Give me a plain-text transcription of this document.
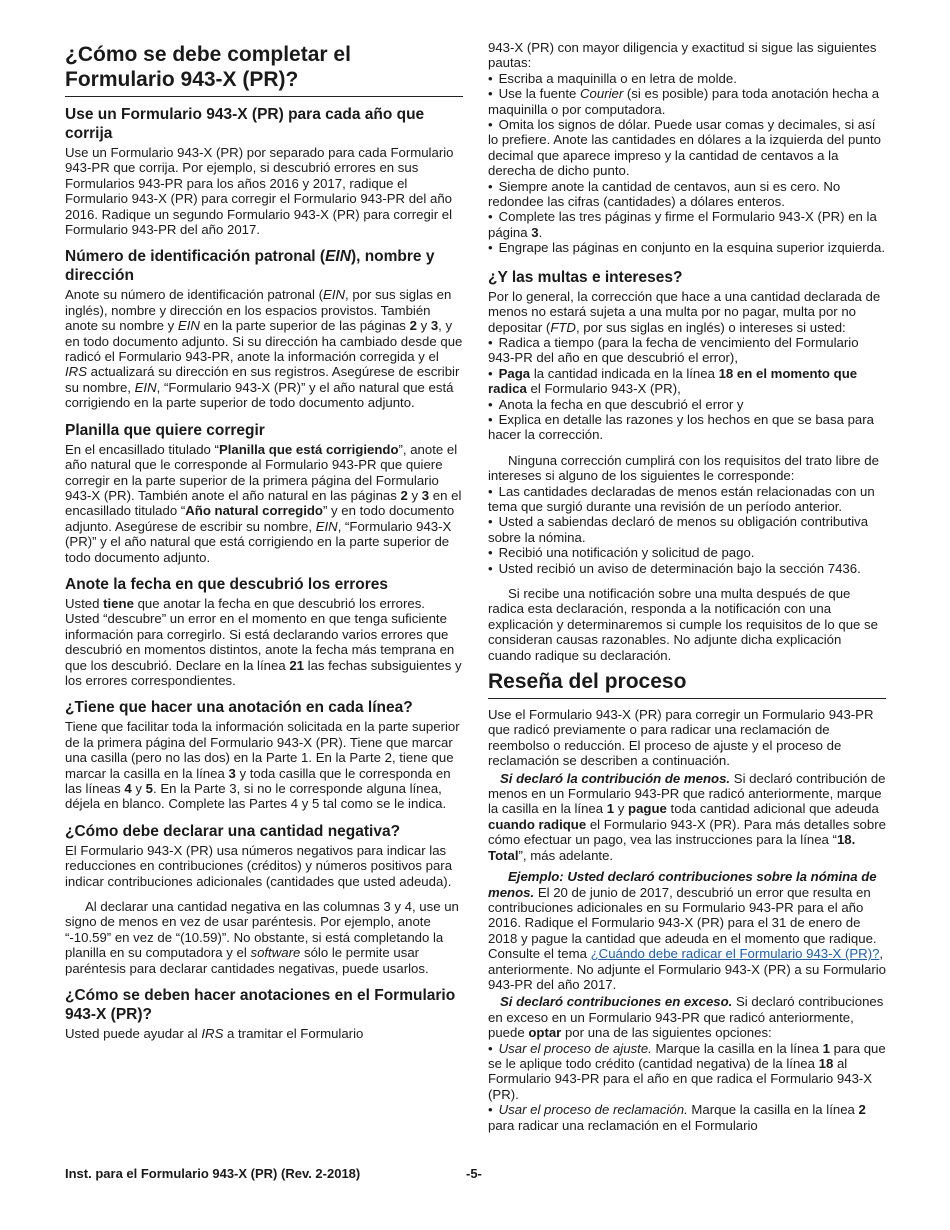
¿Cómo se debe completar el Formulario 943-X (PR)?
Use un Formulario 943-X (PR) para cada año que corrija

Use un Formulario 943-X (PR) por separado para cada Formulario 943-PR que corrija. Por ejemplo, si descubrió errores en sus Formularios 943-PR para los años 2016 y 2017, radique el Formulario 943-X (PR) para corregir el Formulario 943-PR del año 2016. Radique un segundo Formulario 943-X (PR) para corregir el Formulario 943-PR del año 2017.

Número de identificación patronal (EIN), nombre y dirección

Anote su número de identificación patronal (EIN, por sus siglas en inglés), nombre y dirección en los espacios provistos. También anote su nombre y EIN en la parte superior de las páginas 2 y 3, y en todo documento adjunto. Si su dirección ha cambiado desde que radicó el Formulario 943-PR, anote la información corregida y el IRS actualizará su dirección en sus registros. Asegúrese de escribir su nombre, EIN, “Formulario 943-X (PR)” y el año natural que está corrigiendo en la parte superior de todo documento adjunto.

Planilla que quiere corregir

En el encasillado titulado “Planilla que está corrigiendo”, anote el año natural que le corresponde al Formulario 943-PR que quiere corregir en la parte superior de la primera página del Formulario 943-X (PR). También anote el año natural en las páginas 2 y 3 en el encasillado titulado “Año natural corregido” y en todo documento adjunto. Asegúrese de escribir su nombre, EIN, “Formulario 943-X (PR)” y el año natural que está corrigiendo en la parte superior de todo documento adjunto.

Anote la fecha en que descubrió los errores

Usted tiene que anotar la fecha en que descubrió los errores. Usted “descubre” un error en el momento en que tenga suficiente información para corregirlo. Si está declarando varios errores que descubrió en momentos distintos, anote la fecha más temprana en que los descubrió. Declare en la línea 21 las fechas subsiguientes y los errores correspondientes.

¿Tiene que hacer una anotación en cada línea?

Tiene que facilitar toda la información solicitada en la parte superior de la primera página del Formulario 943-X (PR). Tiene que marcar una casilla (pero no las dos) en la Parte 1. En la Parte 2, tiene que marcar la casilla en la línea 3 y toda casilla que le corresponda en las líneas 4 y 5. En la Parte 3, si no le corresponde alguna línea, déjela en blanco. Complete las Partes 4 y 5 tal como se le indica.

¿Cómo debe declarar una cantidad negativa?

El Formulario 943-X (PR) usa números negativos para indicar las reducciones en contribuciones (créditos) y números positivos para indicar contribuciones adicionales (cantidades que usted adeuda).

Al declarar una cantidad negativa en las columnas 3 y 4, use un signo de menos en vez de usar paréntesis. Por ejemplo, anote “-10.59” en vez de “(10.59)”. No obstante, si está completando la planilla en su computadora y el software sólo le permite usar paréntesis para declarar cantidades negativas, puede usarlos.

¿Cómo se deben hacer anotaciones en el Formulario 943-X (PR)?

Usted puede ayudar al IRS a tramitar el Formulario

943-X (PR) con mayor diligencia y exactitud si sigue las siguientes pautas:

• Escriba a maquinilla o en letra de molde.
• Use la fuente Courier (si es posible) para toda anotación hecha a maquinilla o por computadora.
• Omita los signos de dólar. Puede usar comas y decimales, si así lo prefiere. Anote las cantidades en dólares a la izquierda del punto decimal que aparece impreso y la cantidad de centavos a la derecha de dicho punto.
• Siempre anote la cantidad de centavos, aun si es cero. No redondee las cifras (cantidades) a dólares enteros.
• Complete las tres páginas y firme el Formulario 943-X (PR) en la página 3.
• Engrape las páginas en conjunto en la esquina superior izquierda.
¿Y las multas e intereses?

Por lo general, la corrección que hace a una cantidad declarada de menos no estará sujeta a una multa por no pagar, multa por no depositar (FTD, por sus siglas en inglés) o intereses si usted:

• Radica a tiempo (para la fecha de vencimiento del Formulario 943-PR del año en que descubrió el error),
• Paga la cantidad indicada en la línea 18 en el momento que radica el Formulario 943-X (PR),
• Anota la fecha en que descubrió el error y
• Explica en detalle las razones y los hechos en que se basa para hacer la corrección.

Ninguna corrección cumplirá con los requisitos del trato libre de intereses si alguno de los siguientes le corresponde:

• Las cantidades declaradas de menos están relacionadas con un tema que surgió durante una revisión de un período anterior.
• Usted a sabiendas declaró de menos su obligación contributiva sobre la nómina.
• Recibió una notificación y solicitud de pago.
• Usted recibió un aviso de determinación bajo la sección 7436.

Si recibe una notificación sobre una multa después de que radica esta declaración, responda a la notificación con una explicación y determinaremos si cumple los requisitos de lo que se consideran causas razonables. No adjunte dicha explicación cuando radique su declaración.

Reseña del proceso

Use el Formulario 943-X (PR) para corregir un Formulario 943-PR que radicó previamente o para radicar una reclamación de reembolso o reducción. El proceso de ajuste y el proceso de reclamación se describen a continuación.

Si declaró la contribución de menos. Si declaró contribución de menos en un Formulario 943-PR que radicó anteriormente, marque la casilla en la línea 1 y pague toda cantidad adicional que adeuda cuando radique el Formulario 943-X (PR). Para más detalles sobre cómo efectuar un pago, vea las instrucciones para la línea “18. Total”, más adelante.

Ejemplo: Usted declaró contribuciones sobre la nómina de menos. El 20 de junio de 2017, descubrió un error que resulta en contribuciones adicionales en su Formulario 943-PR para el año 2016. Radique el Formulario 943-X (PR) para el 31 de enero de 2018 y pague la cantidad que adeuda en el momento que radique. Consulte el tema ¿Cuándo debe radicar el Formulario 943-X (PR)?, anteriormente. No adjunte el Formulario 943-X (PR) a su Formulario 943-PR del año 2017.

Si declaró contribuciones en exceso. Si declaró contribuciones en exceso en un Formulario 943-PR que radicó anteriormente, puede optar por una de las siguientes opciones:

• Usar el proceso de ajuste. Marque la casilla en la línea 1 para que se le aplique todo crédito (cantidad negativa) de la línea 18 al Formulario 943-PR para el año en que radica el Formulario 943-X (PR).
• Usar el proceso de reclamación. Marque la casilla en la línea 2 para radicar una reclamación en el Formulario
Inst. para el Formulario 943-X (PR) (Rev. 2-2018)	-5-
